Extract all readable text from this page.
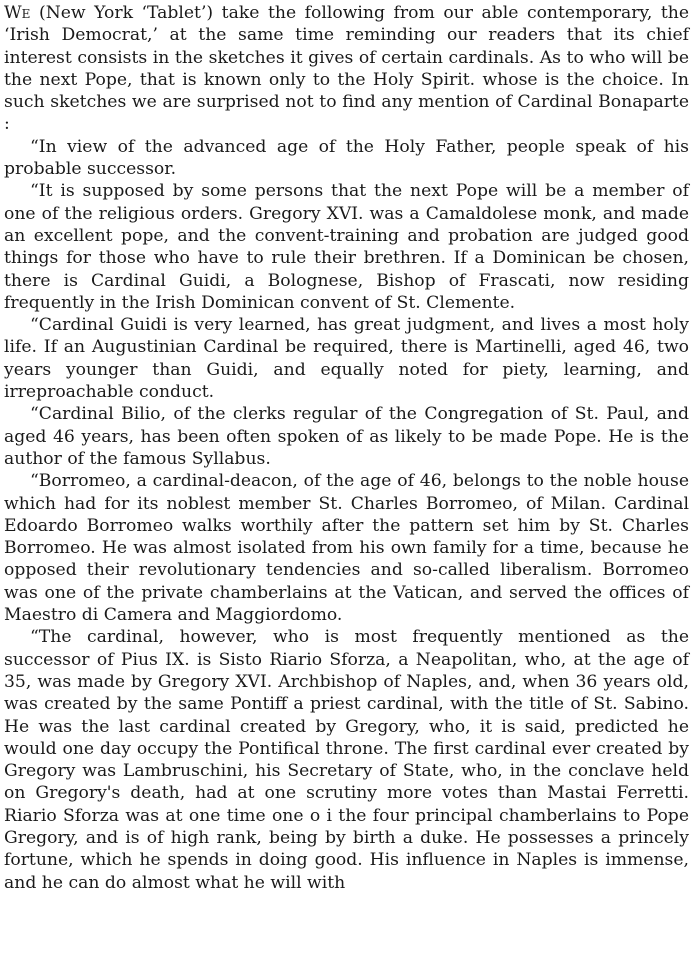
We (New York ‘Tablet’) take the following from our able contemporary, the ‘Irish Democrat,’ at the same time reminding our readers that its chief interest consists in the sketches it gives of certain cardinals. As to who will be the next Pope, that is known only to the Holy Spirit. whose is the choice. In such sketches we are surprised not to find any mention of Cardinal Bonaparte :

“In view of the advanced age of the Holy Father, people speak of his probable successor.

“It is supposed by some persons that the next Pope will be a member of one of the religious orders. Gregory XVI. was a Camaldolese monk, and made an excellent pope, and the convent-training and probation are judged good things for those who have to rule their brethren. If a Dominican be chosen, there is Cardinal Guidi, a Bolognese, Bishop of Frascati, now residing frequently in the Irish Dominican convent of St. Clemente.

“Cardinal Guidi is very learned, has great judgment, and lives a most holy life. If an Augustinian Cardinal be required, there is Martinelli, aged 46, two years younger than Guidi, and equally noted for piety, learning, and irreproachable conduct.

“Cardinal Bilio, of the clerks regular of the Congregation of St. Paul, and aged 46 years, has been often spoken of as likely to be made Pope. He is the author of the famous Syllabus.

“Borromeo, a cardinal-deacon, of the age of 46, belongs to the noble house which had for its noblest member St. Charles Borromeo, of Milan. Cardinal Edoardo Borromeo walks worthily after the pattern set him by St. Charles Borromeo. He was almost isolated from his own family for a time, because he opposed their revolutionary tendencies and so-called liberalism. Borromeo was one of the private chamberlains at the Vatican, and served the offices of Maestro di Camera and Maggiordomo.

“The cardinal, however, who is most frequently mentioned as the successor of Pius IX. is Sisto Riario Sforza, a Neapolitan, who, at the age of 35, was made by Gregory XVI. Archbishop of Naples, and, when 36 years old, was created by the same Pontiff a priest cardinal, with the title of St. Sabino. He was the last cardinal created by Gregory, who, it is said, predicted he would one day occupy the Pontifical throne. The first cardinal ever created by Gregory was Lambruschini, his Secretary of State, who, in the conclave held on Gregory's death, had at one scrutiny more votes than Mastai Ferretti. Riario Sforza was at one time one o i the four principal chamberlains to Pope Gregory, and is of high rank, being by birth a duke. He possesses a princely fortune, which he spends in doing good. His influence in Naples is immense, and he can do almost what he will with
